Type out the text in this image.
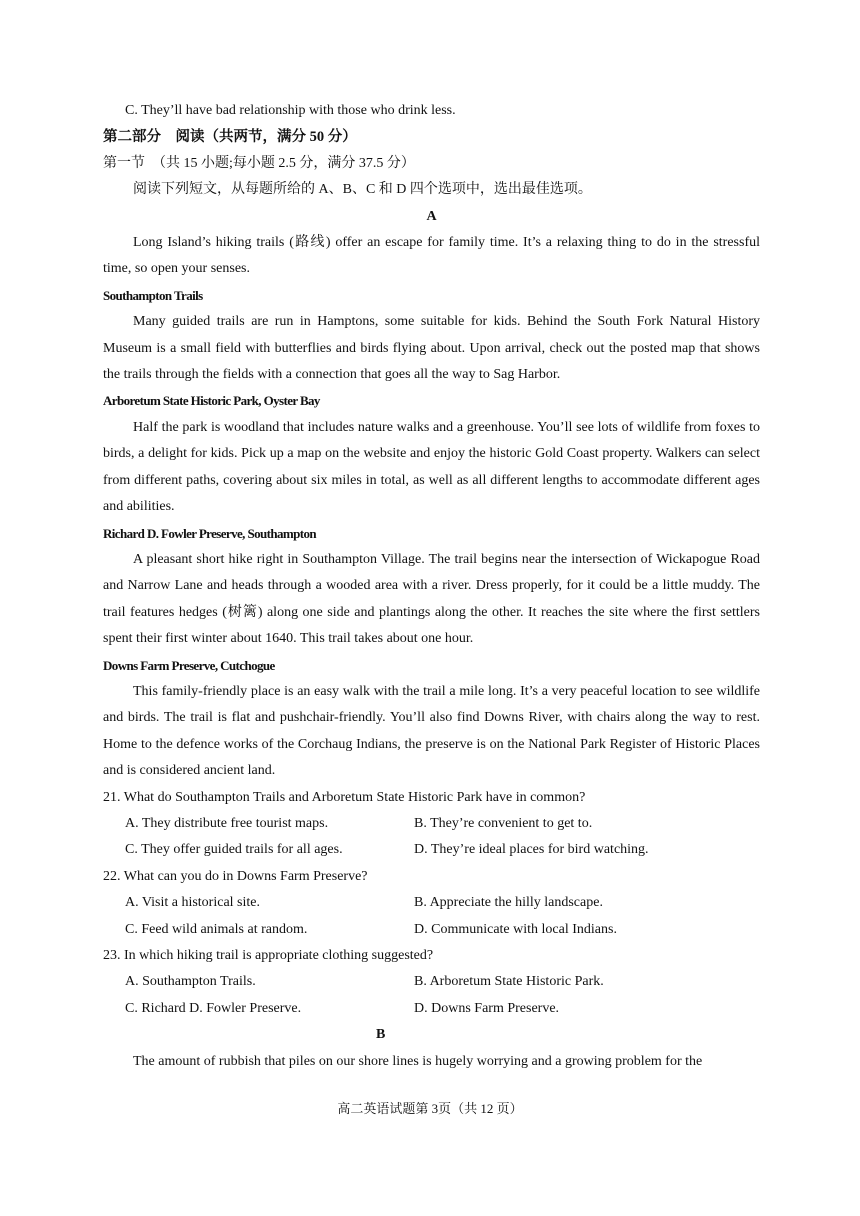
C. They’ll have bad relationship with those who drink less.
第二部分　阅读（共两节，满分 50 分）
第一节　（共 15 小题;每小题 2.5 分，满分 37.5 分）
阅读下列短文，从每题所给的 A、B、C 和 D 四个选项中，选出最佳选项。
A

Long Island’s hiking trails (路线) offer an escape for family time. It’s a relaxing thing to do in the stressful time, so open your senses.

Southampton Trails

Many guided trails are run in Hamptons, some suitable for kids. Behind the South Fork Natural History Museum is a small field with butterflies and birds flying about. Upon arrival, check out the posted map that shows the trails through the fields with a connection that goes all the way to Sag Harbor.

Arboretum State Historic Park, Oyster Bay

Half the park is woodland that includes nature walks and a greenhouse. You’ll see lots of wildlife from foxes to birds, a delight for kids. Pick up a map on the website and enjoy the historic Gold Coast property. Walkers can select from different paths, covering about six miles in total, as well as all different lengths to accommodate different ages and abilities.

Richard D. Fowler Preserve, Southampton

A pleasant short hike right in Southampton Village. The trail begins near the intersection of Wickapogue Road and Narrow Lane and heads through a wooded area with a river. Dress properly, for it could be a little muddy. The trail features hedges (树篱) along one side and plantings along the other. It reaches the site where the first settlers spent their first winter about 1640. This trail takes about one hour.

Downs Farm Preserve, Cutchogue

This family-friendly place is an easy walk with the trail a mile long. It’s a very peaceful location to see wildlife and birds. The trail is flat and pushchair-friendly. You’ll also find Downs River, with chairs along the way to rest. Home to the defence works of the Corchaug Indians, the preserve is on the National Park Register of Historic Places and is considered ancient land.

21. What do Southampton Trails and Arboretum State Historic Park have in common?
A. They distribute free tourist maps.	B. They’re convenient to get to.
C. They offer guided trails for all ages.	D. They’re ideal places for bird watching.
22. What can you do in Downs Farm Preserve?
A. Visit a historical site.	B. Appreciate the hilly landscape.
C. Feed wild animals at random.	D. Communicate with local Indians.
23. In which hiking trail is appropriate clothing suggested?
A. Southampton Trails.	B. Arboretum State Historic Park.
C. Richard D. Fowler Preserve.	D. Downs Farm Preserve.
B

The amount of rubbish that piles on our shore lines is hugely worrying and a growing problem for the

高二英语试题第 3页（共 12 页）
